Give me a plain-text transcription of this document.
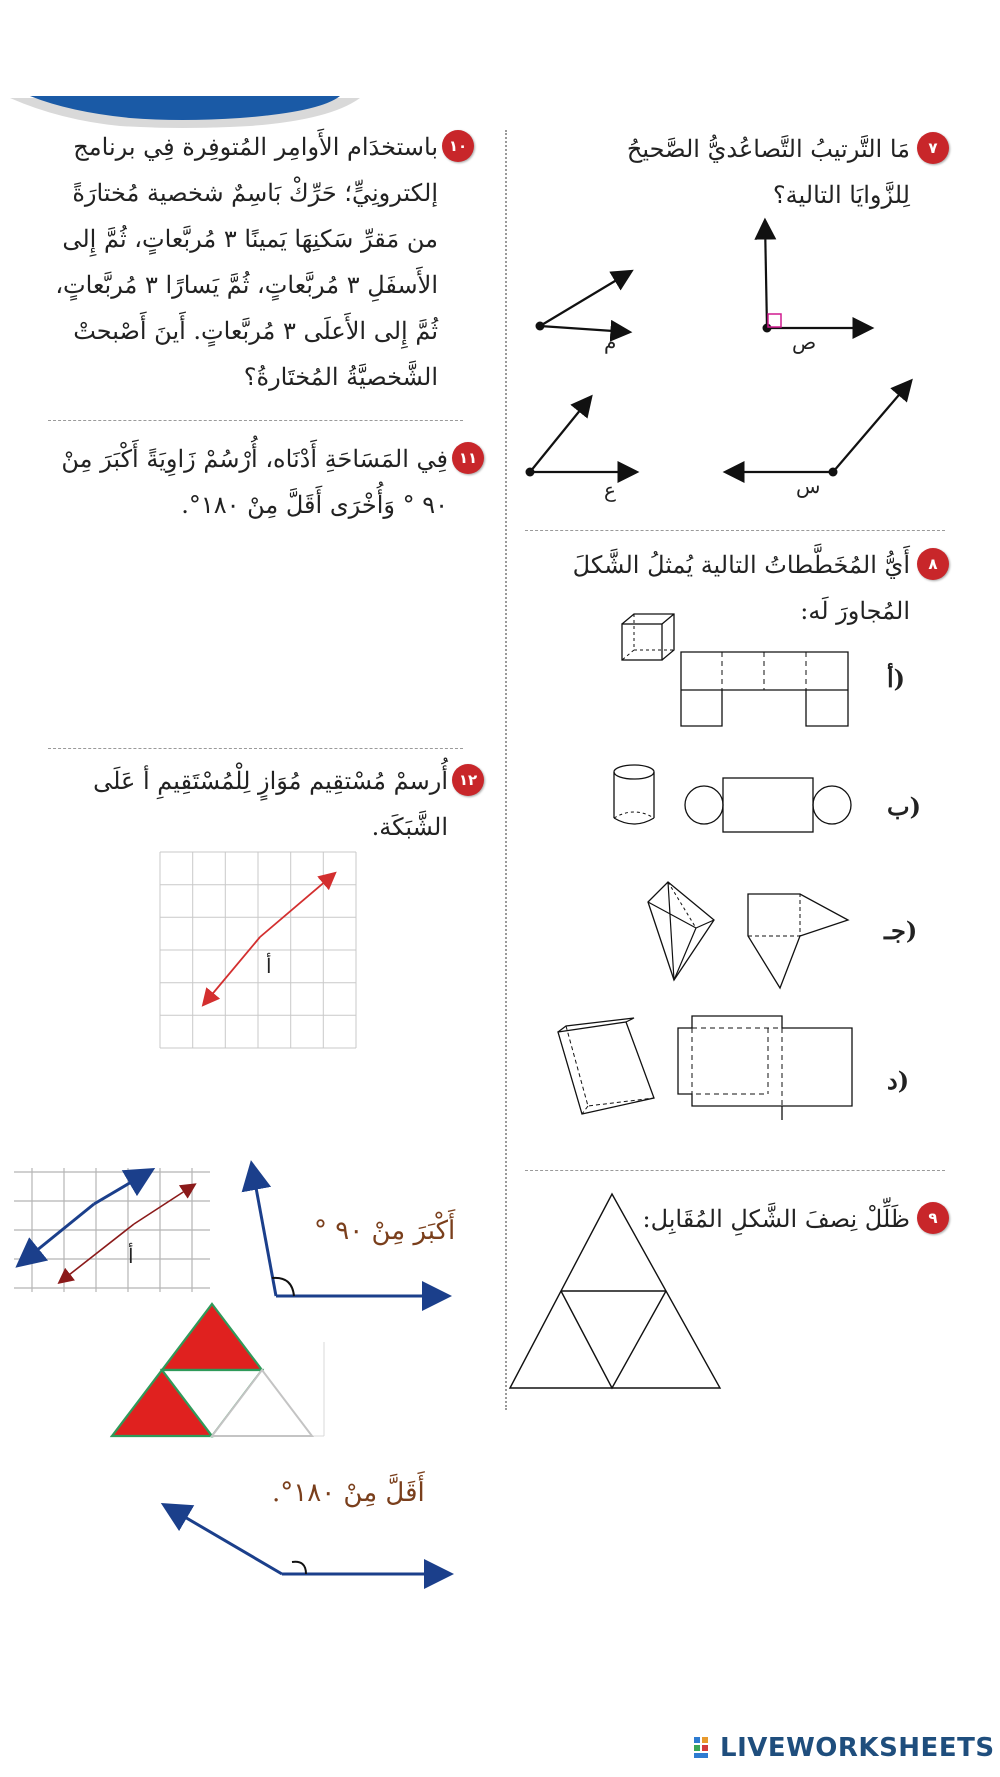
٧
مَا التَّرتيبُ التَّصاعُديُّ الصَّحيحُ لِلزَّوايَا التالية؟
م	ص
ع	س
٨
أَيُّ المُخَطَّطاتُ التالية يُمثلُ الشَّكلَ المُجاورَ لَه:
أ)
ب)
جـ)
د)
٩
ظَلِّلْ نِصفَ الشَّكلِ المُقَابِل:
١٠
باستخدَام الأَوامِر المُتوفِرة فِي برنامج إلكترونِيٍّ؛ حَرِّكْ بَاسِمٌ شخصية مُختارَةً من مَقرِّ سَكنِهَا يَمينًا ٣ مُربَّعاتٍ، ثُمَّ إِلى الأَسفَلِ ٣ مُربَّعاتٍ، ثُمَّ يَسارًا ٣ مُربَّعاتٍ، ثُمَّ إِلى الأَعلَى ٣ مُربَّعاتٍ. أَينَ أَصْبحتْ الشَّخصيَّةُ المُختَارةُ؟
١١
فِي المَسَاحَةِ أَدْنَاه، أُرْسُمْ زَاوِيَةً أَكْبَرَ مِنْ ٩٠ ° وَأُخْرَى أَقَلَّ مِنْ ١٨٠°.
١٢
أُرسمْ مُسْتقِيم مُوَازٍ لِلْمُسْتَقِيمِ أ عَلَى الشَّبَكَة.
أ
أ
أَكْبَرَ مِنْ ٩٠ °
أَقَلَّ مِنْ ١٨٠°.
LIVEWORKSHEETS
